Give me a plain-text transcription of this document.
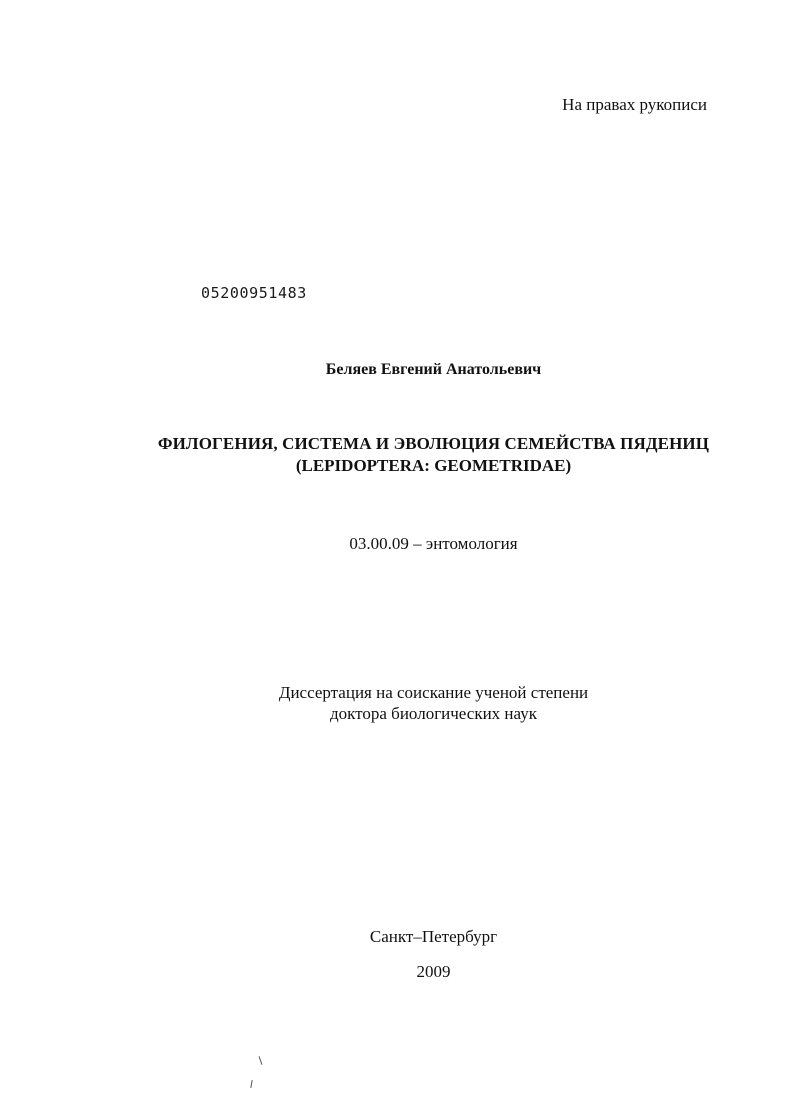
На правах рукописи
05200951483
Беляев Евгений Анатольевич
ФИЛОГЕНИЯ, СИСТЕМА И ЭВОЛЮЦИЯ СЕМЕЙСТВА ПЯДЕНИЦ
(LEPIDOPTERA: GEOMETRIDAE)
03.00.09 – энтомология
Диссертация на соискание ученой степени
доктора биологических наук
Санкт–Петербург
2009
